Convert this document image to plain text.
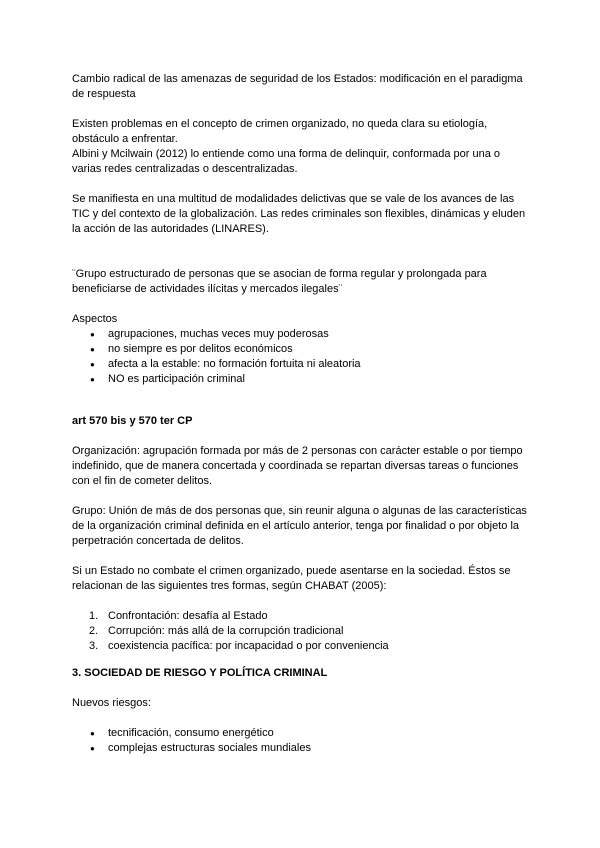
Cambio radical de las amenazas de seguridad de los Estados: modificación en el paradigma de respuesta

Existen problemas en el concepto de crimen organizado, no queda clara su etiología, obstáculo a enfrentar.

Albini y Mcilwain (2012) lo entiende como una forma de delinquir, conformada por una o varias redes centralizadas o descentralizadas.

Se manifiesta en una multitud de modalidades delictivas que se vale de los avances de las TIC y del contexto de la globalización. Las redes criminales son flexibles, dinámicas y eluden la acción de las autoridades (LINARES).

¨Grupo estructurado de personas que se asocian de forma regular y prolongada para beneficiarse de actividades ilícitas y mercados ilegales¨

Aspectos

● agrupaciones, muchas veces muy poderosas
● no siempre es por delitos económicos
● afecta a la estable: no formación fortuita ni aleatoria
● NO es participación criminal

art 570 bis y 570 ter CP

Organización: agrupación formada por más de 2 personas con carácter estable o por tiempo indefinido, que de manera concertada y coordinada se repartan diversas tareas o funciones con el fin de cometer delitos.

Grupo: Unión de más de dos personas que, sin reunir alguna o algunas de las características de la organización criminal definida en el artículo anterior, tenga por finalidad o por objeto la perpetración concertada de delitos.

Si un Estado no combate el crimen organizado, puede asentarse en la sociedad. Éstos se relacionan de las siguientes tres formas, según CHABAT (2005):

1. Confrontación: desafía al Estado
2. Corrupción: más allá de la corrupción tradicional
3. coexistencia pacífica: por incapacidad o por conveniencia

3. SOCIEDAD DE RIESGO Y POLÍTICA CRIMINAL

Nuevos riesgos:

● tecnificación, consumo energético
● complejas estructuras sociales mundiales
